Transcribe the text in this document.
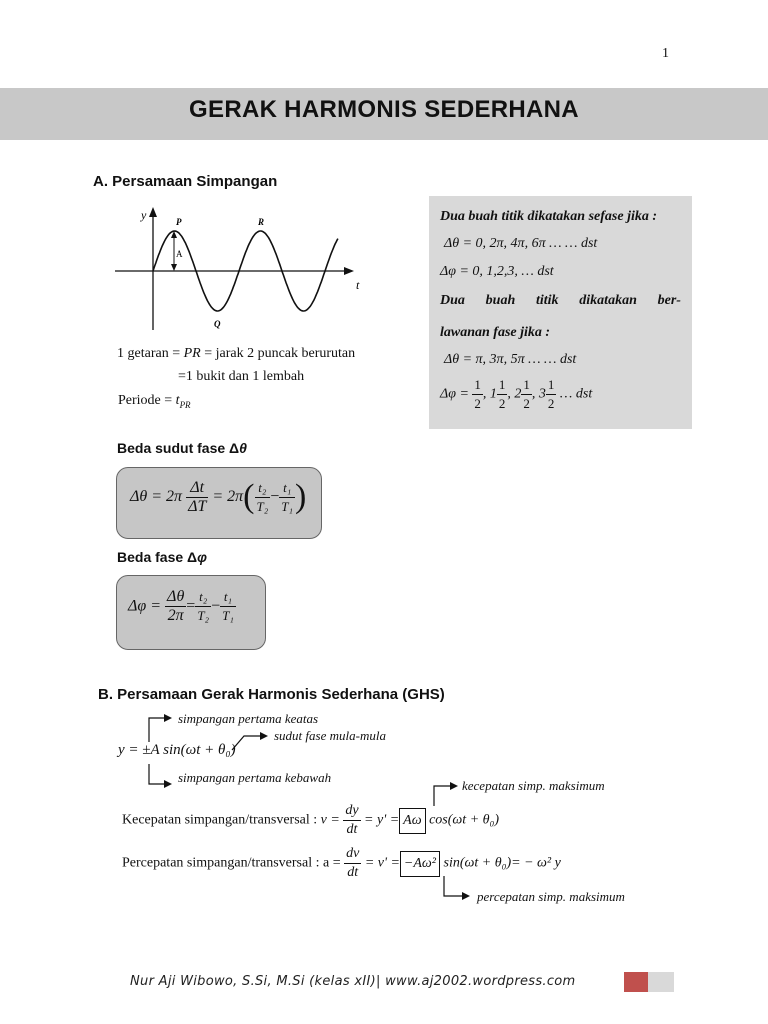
1
GERAK HARMONIS SEDERHANA
A. Persamaan Simpangan
y
t
P	R
Q
A
1 getaran = PR = jarak 2 puncak berurutan
=1 bukit dan 1 lembah
Periode = $t_{PR}$
Dua buah titik dikatakan sefase jika :
Δθ = 0, 2π, 4π, 6π … … dst
Δφ = 0, 1,2,3, … dst
Dua buah titik dikatakan ber-
lawanan fase jika :
Δθ = π, 3π, 5π … … dst
$\Delta\varphi = \frac{1}{2}$ , $1 \frac{1}{2}$ , $2 \frac{1}{2}$ , $3 \frac{1}{2}$ … dst
Beda sudut fase Δθ
$\Delta\theta = 2\pi \frac{\Delta t}{\Delta T} = 2\pi( \frac{\text{t₂}}{\text{T₂}} - \frac{\text{t₁}}{\text{T₁}}$ )
Beda fase Δφ
$\Delta\varphi = \frac{\Delta\theta}{2\pi} = \frac{\text{t₂}}{\text{T₂}} - \frac{\text{t₁}}{\text{T₁}}$
B. Persamaan Gerak Harmonis Sederhana (GHS)
simpangan pertama keatas
sudut fase mula-mula
y = ±A sin(ωt + θ₀)
simpangan pertama kebawah
kecepatan simp. maksimum
Kecepatan simpangan/transversal : $v = \frac{dy}{dt} = y' = A\omega$ cos(ωt + θ₀)
Percepatan simpangan/transversal : $a = \frac{dv}{dt} = v' = -A\omega^2$ sin(ωt + θ₀)= − ω² y
percepatan simp. maksimum
Nur Aji Wibowo, S.Si, M.Si (kelas xII)| www.aj2002.wordpress.com
